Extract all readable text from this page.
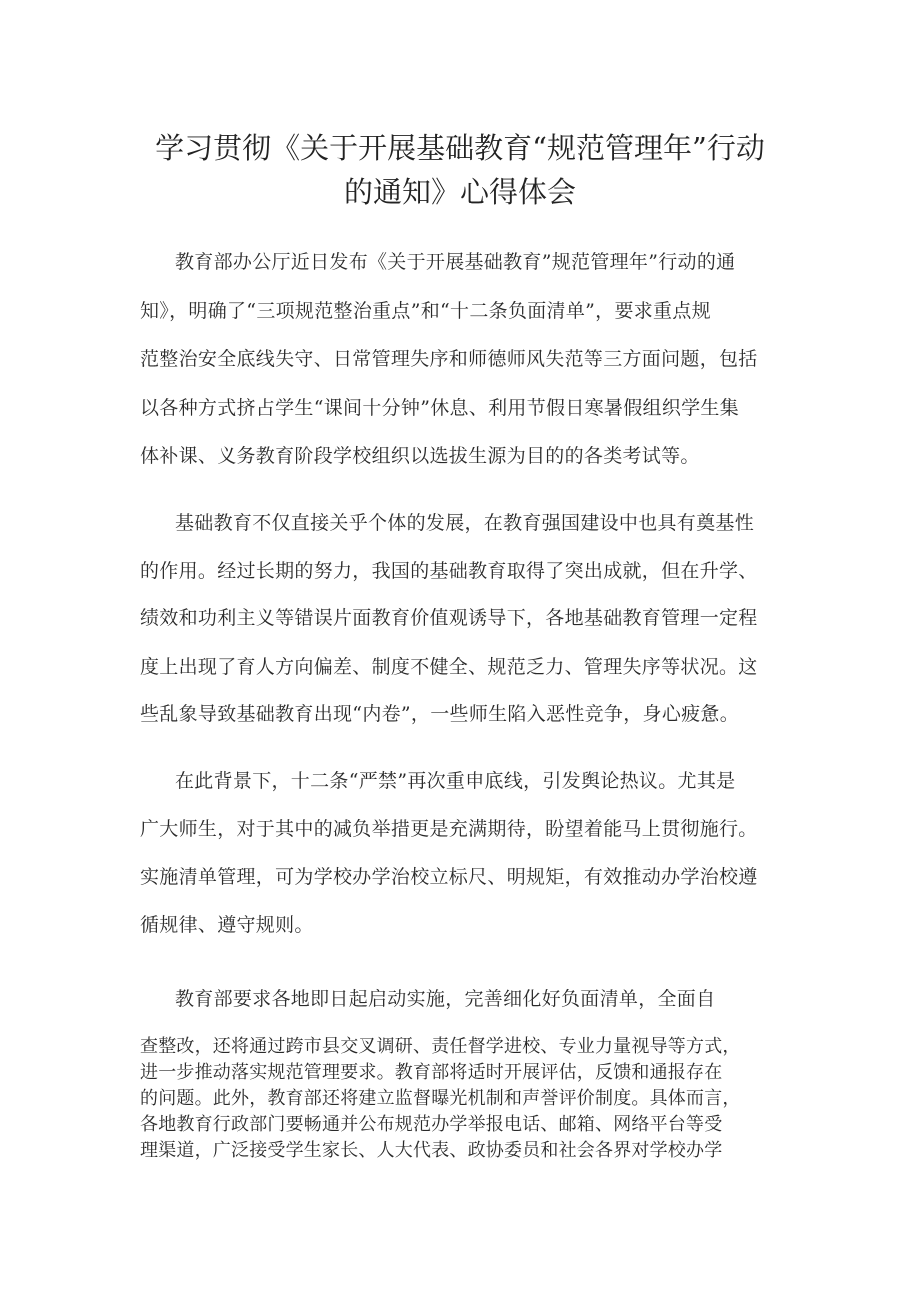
学习贯彻《关于开展基础教育“规范管理年”行动
的通知》心得体会
教育部办公厅近日发布《关于开展基础教育”规范管理年”行动的通
知》，明确了“三项规范整治重点”和“十二条负面清单”，要求重点规
范整治安全底线失守、日常管理失序和师德师风失范等三方面问题，包括
以各种方式挤占学生“课间十分钟”休息、利用节假日寒暑假组织学生集
体补课、义务教育阶段学校组织以选拔生源为目的的各类考试等。
基础教育不仅直接关乎个体的发展，在教育强国建设中也具有奠基性
的作用。经过长期的努力，我国的基础教育取得了突出成就，但在升学、
绩效和功利主义等错误片面教育价值观诱导下，各地基础教育管理一定程
度上出现了育人方向偏差、制度不健全、规范乏力、管理失序等状况。这
些乱象导致基础教育出现“内卷”，一些师生陷入恶性竞争，身心疲惫。
在此背景下，十二条“严禁”再次重申底线，引发舆论热议。尤其是
广大师生，对于其中的减负举措更是充满期待，盼望着能马上贯彻施行。
实施清单管理，可为学校办学治校立标尺、明规矩，有效推动办学治校遵
循规律、遵守规则。
教育部要求各地即日起启动实施，完善细化好负面清单，全面自
查整改，还将通过跨市县交叉调研、责任督学进校、专业力量视导等方式，
进一步推动落实规范管理要求。教育部将适时开展评估，反馈和通报存在
的问题。此外，教育部还将建立监督曝光机制和声誉评价制度。具体而言，
各地教育行政部门要畅通并公布规范办学举报电话、邮箱、网络平台等受
理渠道，广泛接受学生家长、人大代表、政协委员和社会各界对学校办学
